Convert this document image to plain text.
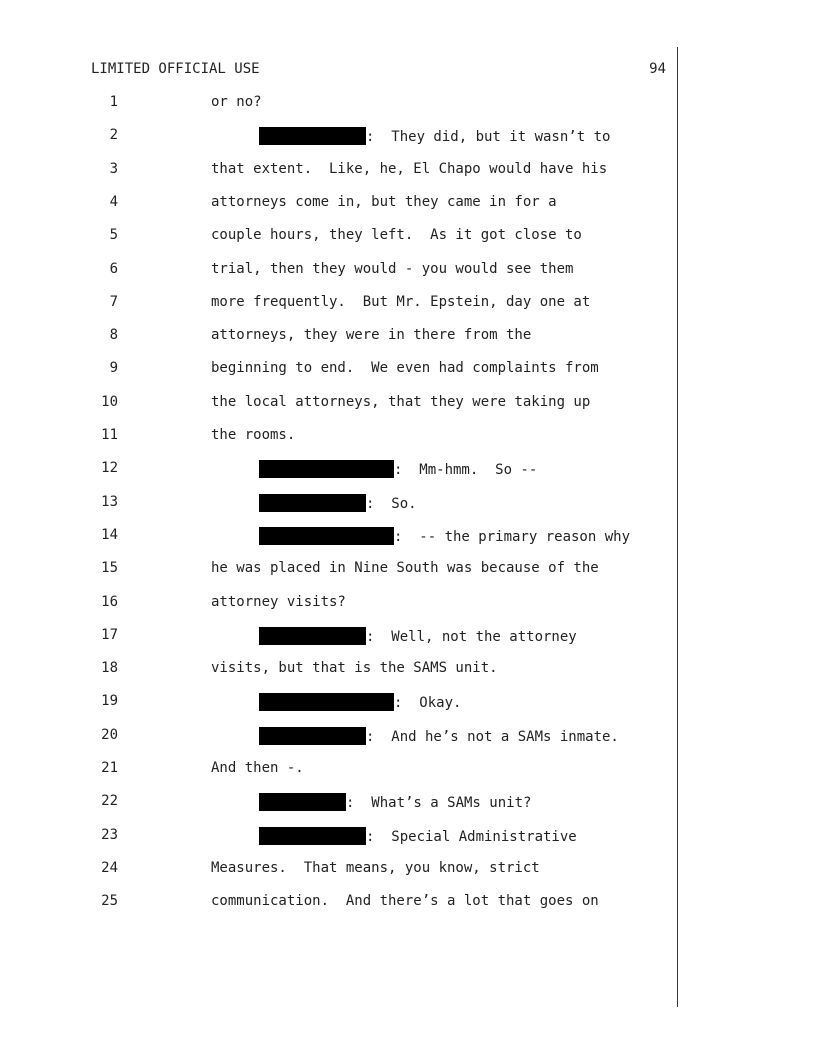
LIMITED OFFICIAL USE	94
1	or no?
2	:  They did, but it wasn’t to
3	that extent.  Like, he, El Chapo would have his
4	attorneys come in, but they came in for a
5	couple hours, they left.  As it got close to
6	trial, then they would - you would see them
7	more frequently.  But Mr. Epstein, day one at
8	attorneys, they were in there from the
9	beginning to end.  We even had complaints from
10	the local attorneys, that they were taking up
11	the rooms.
12	:  Mm-hmm.  So --
13	:  So.
14	:  -- the primary reason why
15	he was placed in Nine South was because of the
16	attorney visits?
17	:  Well, not the attorney
18	visits, but that is the SAMS unit.
19	:  Okay.
20	:  And he’s not a SAMs inmate.
21	And then -.
22	:  What’s a SAMs unit?
23	:  Special Administrative
24	Measures.  That means, you know, strict
25	communication.  And there’s a lot that goes on
